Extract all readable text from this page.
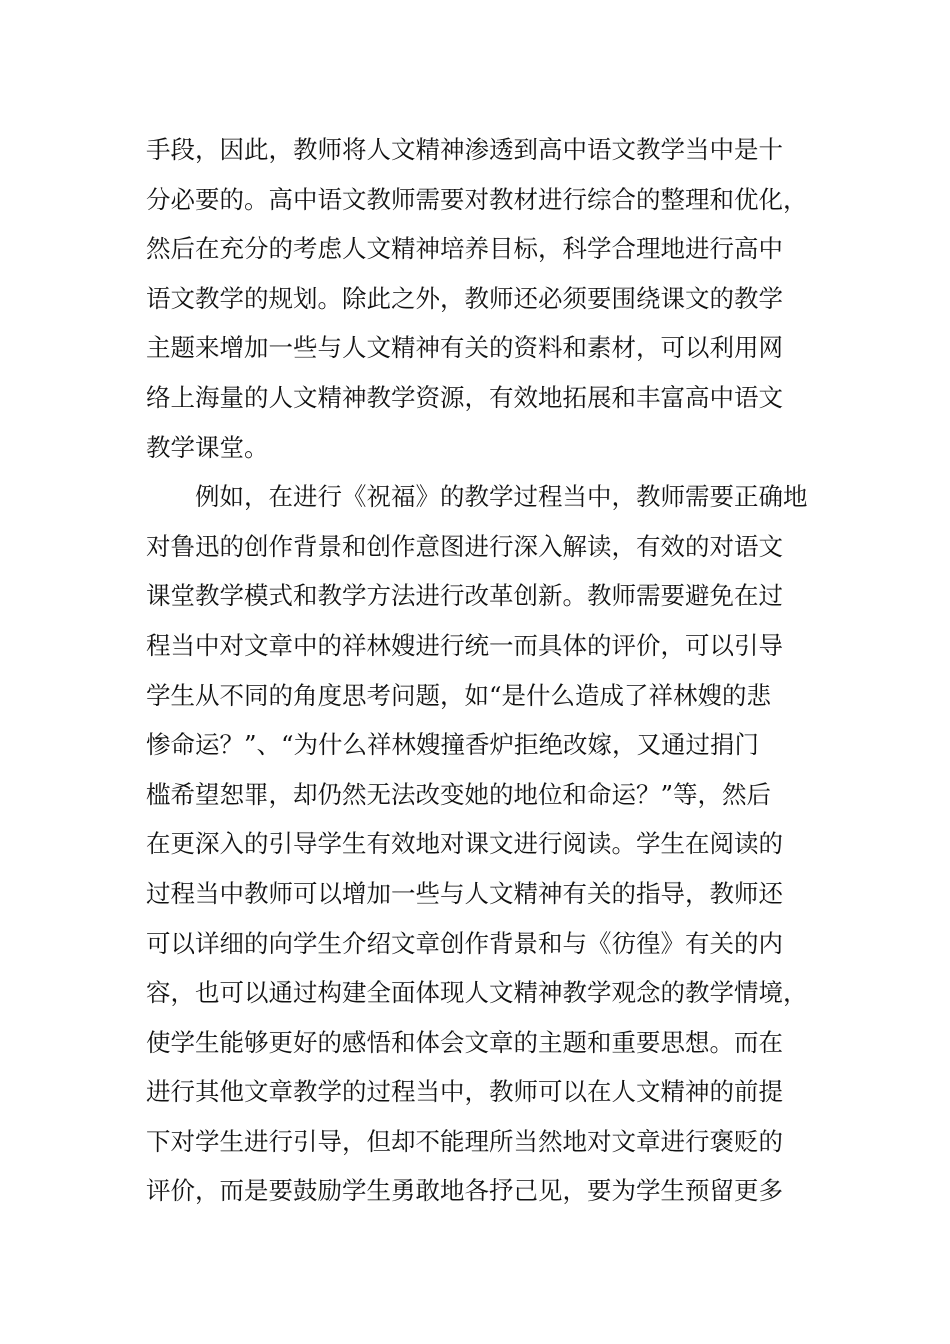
手段，因此，教师将人文精神渗透到高中语文教学当中是十
分必要的。高中语文教师需要对教材进行综合的整理和优化，
然后在充分的考虑人文精神培养目标，科学合理地进行高中
语文教学的规划。除此之外，教师还必须要围绕课文的教学
主题来增加一些与人文精神有关的资料和素材，可以利用网
络上海量的人文精神教学资源，有效地拓展和丰富高中语文
教学课堂。
例如，在进行《祝福》的教学过程当中，教师需要正确地
对鲁迅的创作背景和创作意图进行深入解读，有效的对语文
课堂教学模式和教学方法进行改革创新。教师需要避免在过
程当中对文章中的祥林嫂进行统一而具体的评价，可以引导
学生从不同的角度思考问题，如“是什么造成了祥林嫂的悲
惨命运？”、“为什么祥林嫂撞香炉拒绝改嫁，又通过捐门
槛希望恕罪，却仍然无法改变她的地位和命运？”等，然后
在更深入的引导学生有效地对课文进行阅读。学生在阅读的
过程当中教师可以增加一些与人文精神有关的指导，教师还
可以详细的向学生介绍文章创作背景和与《彷徨》有关的内
容，也可以通过构建全面体现人文精神教学观念的教学情境，
使学生能够更好的感悟和体会文章的主题和重要思想。而在
进行其他文章教学的过程当中，教师可以在人文精神的前提
下对学生进行引导，但却不能理所当然地对文章进行褒贬的
评价，而是要鼓励学生勇敢地各抒己见，要为学生预留更多
